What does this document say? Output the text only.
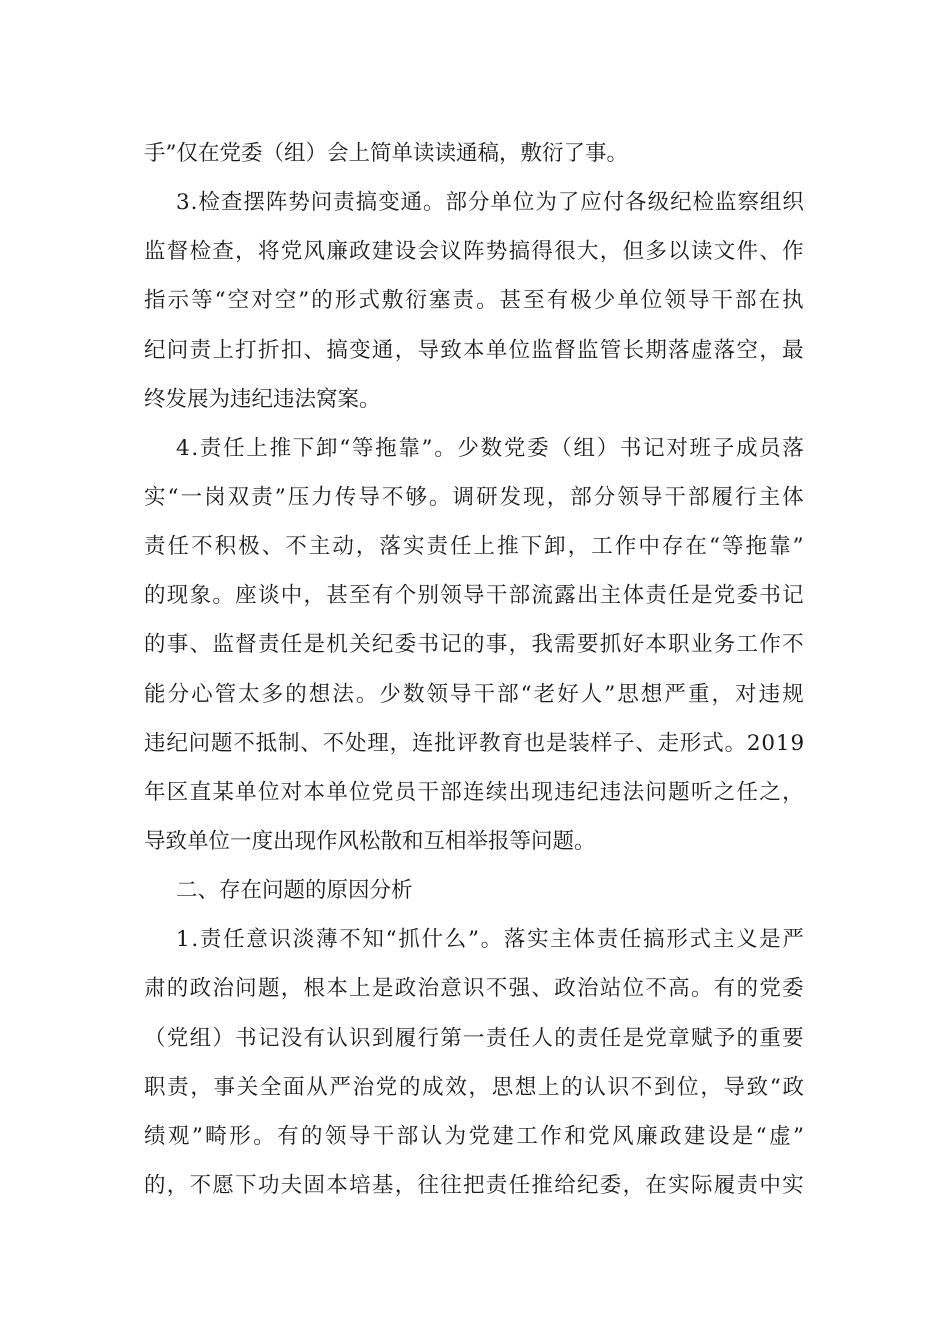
手”仅在党委（组）会上简单读读通稿，敷衍了事。

3.检查摆阵势问责搞变通。部分单位为了应付各级纪检监察组织

监督检查，将党风廉政建设会议阵势搞得很大，但多以读文件、作

指示等“空对空”的形式敷衍塞责。甚至有极少单位领导干部在执

纪问责上打折扣、搞变通，导致本单位监督监管长期落虚落空，最

终发展为违纪违法窝案。

4.责任上推下卸“等拖靠”。少数党委（组）书记对班子成员落

实“一岗双责”压力传导不够。调研发现，部分领导干部履行主体

责任不积极、不主动，落实责任上推下卸，工作中存在“等拖靠”

的现象。座谈中，甚至有个别领导干部流露出主体责任是党委书记

的事、监督责任是机关纪委书记的事，我需要抓好本职业务工作不

能分心管太多的想法。少数领导干部“老好人”思想严重，对违规

违纪问题不抵制、不处理，连批评教育也是装样子、走形式。2019

年区直某单位对本单位党员干部连续出现违纪违法问题听之任之，

导致单位一度出现作风松散和互相举报等问题。

二、存在问题的原因分析

1.责任意识淡薄不知“抓什么”。落实主体责任搞形式主义是严

肃的政治问题，根本上是政治意识不强、政治站位不高。有的党委

（党组）书记没有认识到履行第一责任人的责任是党章赋予的重要

职责，事关全面从严治党的成效，思想上的认识不到位，导致“政

绩观”畸形。有的领导干部认为党建工作和党风廉政建设是“虚”

的，不愿下功夫固本培基，往往把责任推给纪委，在实际履责中实
